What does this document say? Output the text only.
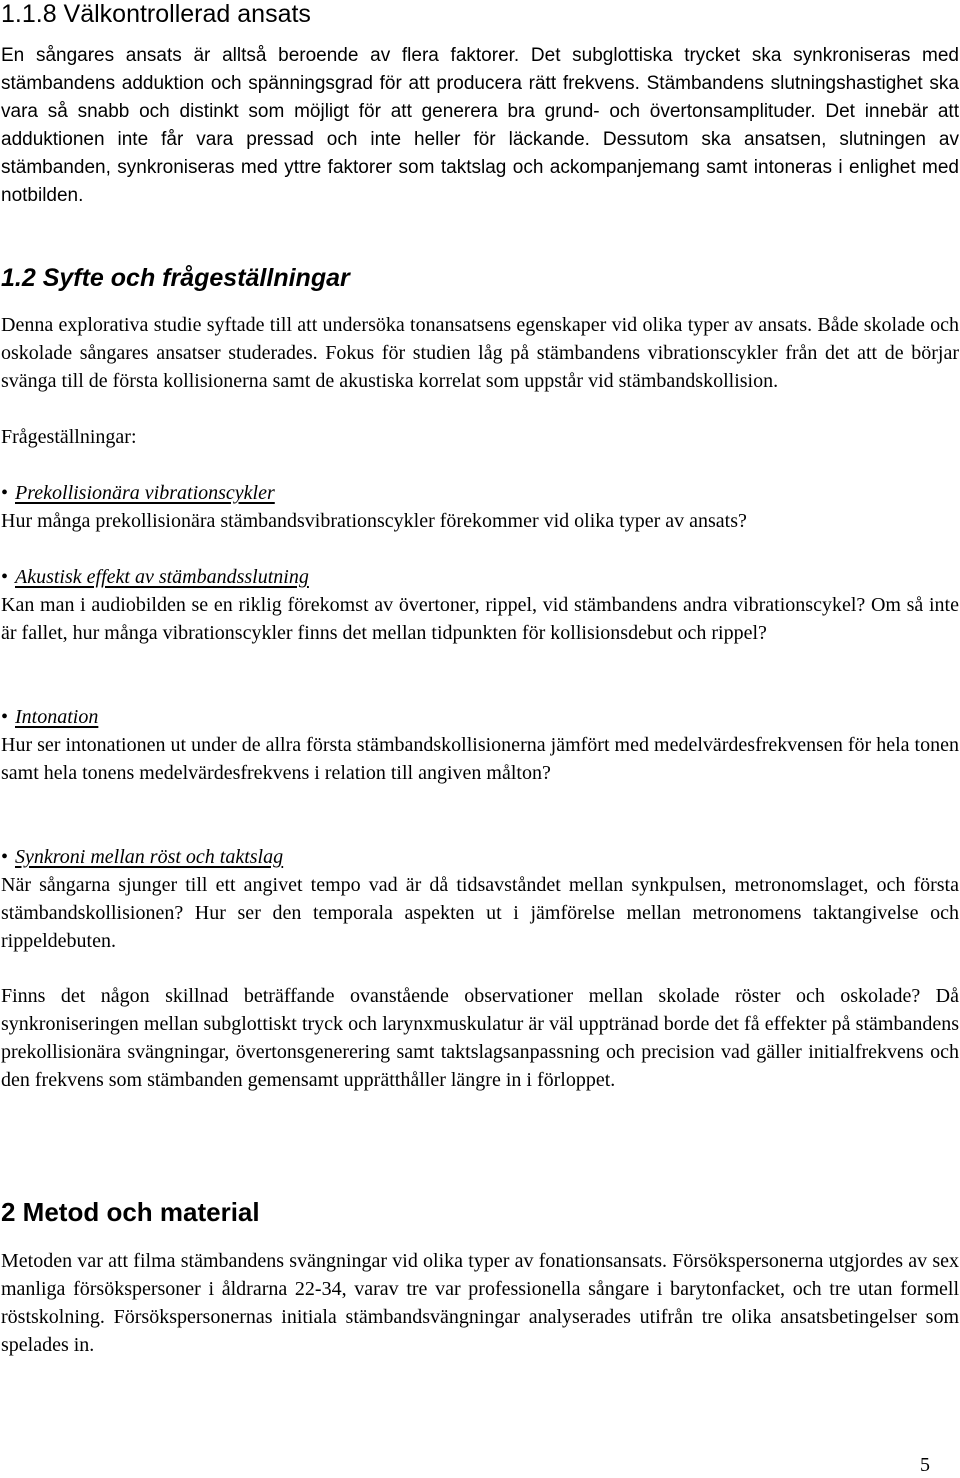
1.1.8 Välkontrollerad ansats

En sångares ansats är alltså beroende av flera faktorer. Det subglottiska trycket ska synkroniseras med stämbandens adduktion och spänningsgrad för att producera rätt frekvens. Stämbandens slutningshastighet ska vara så snabb och distinkt som möjligt för att generera bra grund- och övertonsamplituder. Det innebär att adduktionen inte får vara pressad och inte heller för läckande. Dessutom ska ansatsen, slutningen av stämbanden, synkroniseras med yttre faktorer som taktslag och ackompanjemang samt intoneras i enlighet med notbilden.

1.2 Syfte och frågeställningar

Denna explorativa studie syftade till att undersöka tonansatsens egenskaper vid olika typer av ansats. Både skolade och oskolade sångares ansatser studerades. Fokus för studien låg på stämbandens vibrationscykler från det att de börjar svänga till de första kollisionerna samt de akustiska korrelat som uppstår vid stämbandskollision.

Frågeställningar:
• Prekollisionära vibrationscykler

Hur många prekollisionära stämbandsvibrationscykler förekommer vid olika typer av ansats?

• Akustisk effekt av stämbandsslutning

Kan man i audiobilden se en riklig förekomst av övertoner, rippel, vid stämbandens andra vibrationscykel? Om så inte är fallet, hur många vibrationscykler finns det mellan tidpunkten för kollisionsdebut och rippel?

• Intonation

Hur ser intonationen ut under de allra första stämbandskollisionerna jämfört med medelvärdesfrekvensen för hela tonen samt hela tonens medelvärdesfrekvens i relation till angiven målton?

• Synkroni mellan röst och taktslag

När sångarna sjunger till ett angivet tempo vad är då tidsavståndet mellan synkpulsen, metronomslaget, och första stämbandskollisionen? Hur ser den temporala aspekten ut i jämförelse mellan metronomens taktangivelse och rippeldebuten.

Finns det någon skillnad beträffande ovanstående observationer mellan skolade röster och oskolade? Då synkroniseringen mellan subglottiskt tryck och larynxmuskulatur är väl upptränad borde det få effekter på stämbandens prekollisionära svängningar, övertonsgenerering samt taktslagsanpassning och precision vad gäller initialfrekvens och den frekvens som stämbanden gemensamt upprätthåller längre in i förloppet.

2 Metod och material

Metoden var att filma stämbandens svängningar vid olika typer av fonationsansats. Försökspersonerna utgjordes av sex manliga försökspersoner i åldrarna 22-34, varav tre var professionella sångare i barytonfacket, och tre utan formell röstskolning. Försökspersonernas initiala stämbandsvängningar analyserades utifrån tre olika ansatsbetingelser som spelades in.

5
